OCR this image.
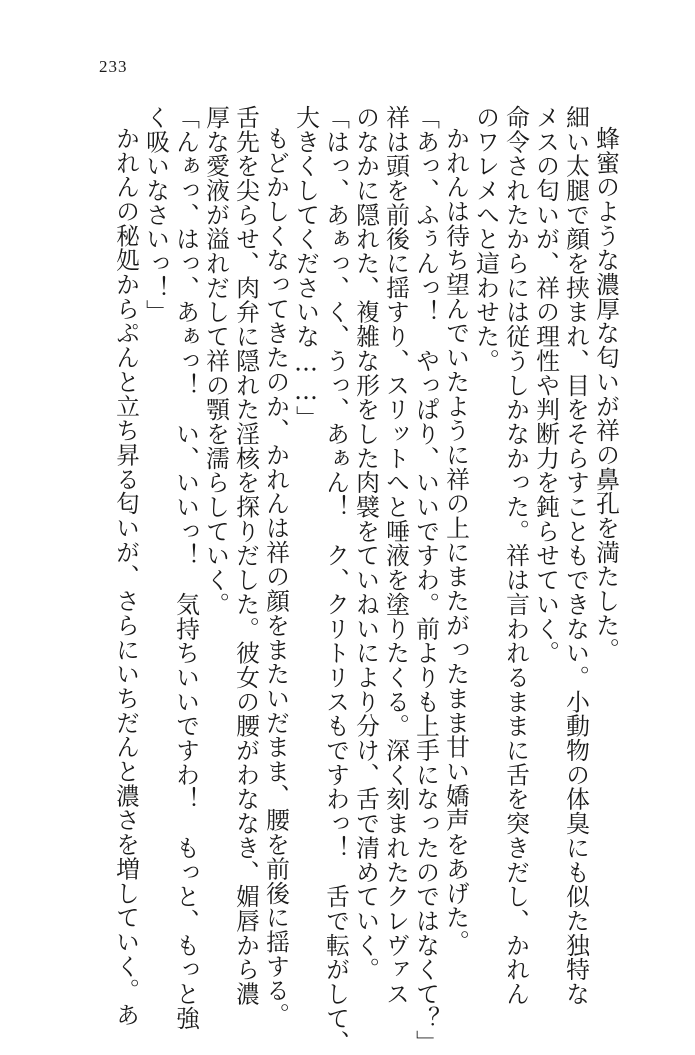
233
蜂蜜のような濃厚な匂いが祥の鼻孔を満たした。
細い太腿で顔を挟まれ、目をそらすこともできない。小動物の体臭にも似た独特な
メスの匂いが、祥の理性や判断力を鈍らせていく。
命令されたからには従うしかなかった。祥は言われるままに舌を突きだし、かれん
のワレメへと這わせた。
かれんは待ち望んでいたように祥の上にまたがったまま甘い嬌声をあげた。
「あっ、ふぅんっ！　やっぱり、いいですわ。前よりも上手になったのではなくて？」
祥は頭を前後に揺すり、スリットへと唾液を塗りたくる。深く刻まれたクレヴァス
のなかに隠れた、複雑な形をした肉襞をていねいにより分け、舌で清めていく。
「はっ、あぁっ、く、うっ、あぁん！　ク、クリトリスもですわっ！　舌で転がして、
大きくしてくださいな……」
もどかしくなってきたのか、かれんは祥の顔をまたいだまま、腰を前後に揺する。
舌先を尖らせ、肉弁に隠れた淫核を探りだした。彼女の腰がわななき、媚唇から濃
厚な愛液が溢れだして祥の顎を濡らしていく。
「んぁっ、はっ、あぁっ！　い、いいっ！　気持ちいいですわ！　もっと、もっと強
く吸いなさいっ！」
かれんの秘処からぷんと立ち昇る匂いが、さらにいちだんと濃さを増していく。あ
